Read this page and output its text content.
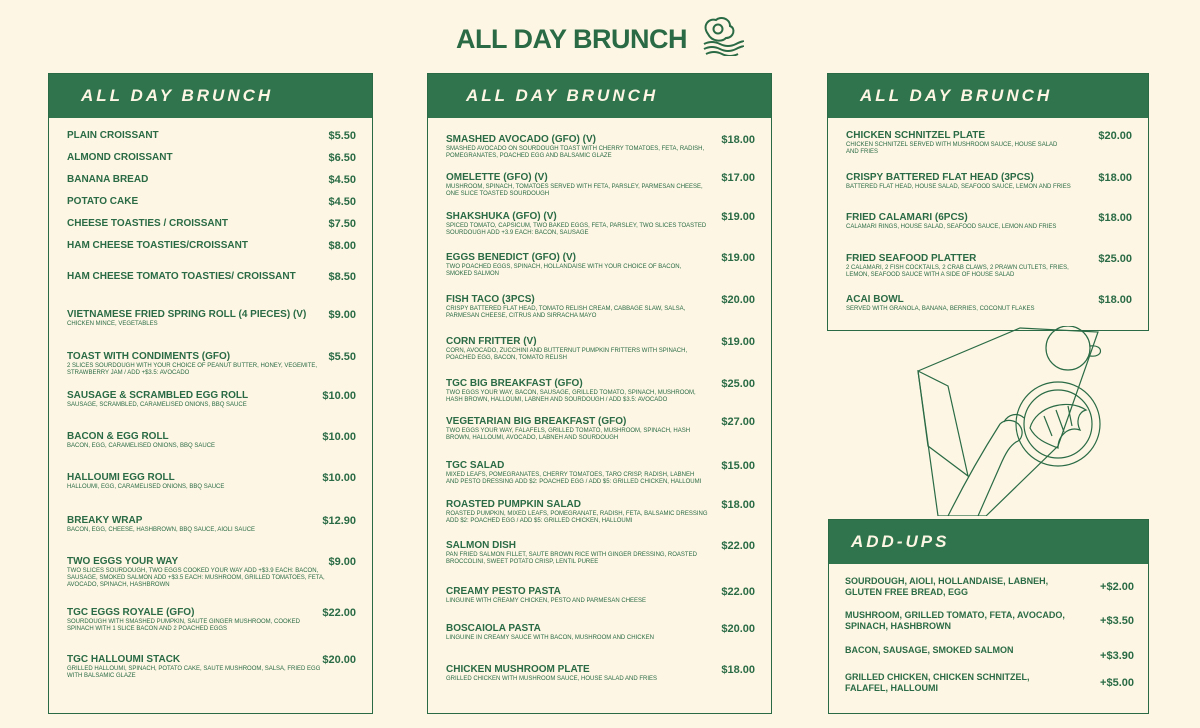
ALL DAY BRUNCH
ALL DAY BRUNCH
PLAIN CROISSANT	$5.50
ALMOND CROISSANT	$6.50
BANANA BREAD	$4.50
POTATO CAKE	$4.50
CHEESE TOASTIES / CROISSANT	$7.50
HAM CHEESE TOASTIES/CROISSANT	$8.00
HAM CHEESE TOMATO TOASTIES/ CROISSANT	$8.50
VIETNAMESE FRIED SPRING ROLL (4 PIECES) (V) $9.00
CHICKEN MINCE, VEGETABLES
TOAST WITH CONDIMENTS (GFO)	$5.50
2 SLICES SOURDOUGH WITH YOUR CHOICE OF PEANUT BUTTER, HONEY, VEGEMITE, STRAWBERRY JAM / ADD +$3.5: AVOCADO
SAUSAGE & SCRAMBLED EGG ROLL	$10.00
SAUSAGE, SCRAMBLED, CARAMELISED ONIONS, BBQ SAUCE
BACON & EGG ROLL	$10.00
BACON, EGG, CARAMELISED ONIONS, BBQ SAUCE
HALLOUMI EGG ROLL	$10.00
HALLOUMI, EGG, CARAMELISED ONIONS, BBQ SAUCE
BREAKY WRAP	$12.90
BACON, EGG, CHEESE, HASHBROWN, BBQ SAUCE, AIOLI SAUCE
TWO EGGS YOUR WAY	$9.00
TWO SLICES SOURDOUGH, TWO EGGS COOKED YOUR WAY ADD +$3.9 EACH: BACON, SAUSAGE, SMOKED SALMON ADD +$3.5 EACH: MUSHROOM, GRILLED TOMATOES, FETA, AVOCADO, SPINACH, HASHBROWN
TGC EGGS ROYALE (GFO)	$22.00
SOURDOUGH WITH SMASHED PUMPKIN, SAUTE GINGER MUSHROOM, COOKED SPINACH WITH 1 SLICE BACON AND 2 POACHED EGGS
TGC HALLOUMI STACK	$20.00
GRILLED HALLOUMI, SPINACH, POTATO CAKE, SAUTE MUSHROOM, SALSA, FRIED EGG WITH BALSAMIC GLAZE
ALL DAY BRUNCH
SMASHED AVOCADO (GFO) (V)	$18.00
SMASHED AVOCADO ON SOURDOUGH TOAST WITH CHERRY TOMATOES, FETA, RADISH, POMEGRANATES, POACHED EGG AND BALSAMIC GLAZE
OMELETTE (GFO) (V)	$17.00
MUSHROOM, SPINACH, TOMATOES SERVED WITH FETA, PARSLEY, PARMESAN CHEESE, ONE SLICE TOASTED SOURDOUGH
SHAKSHUKA (GFO) (V)	$19.00
SPICED TOMATO, CAPSICUM, TWO BAKED EGGS, FETA, PARSLEY, TWO SLICES TOASTED SOURDOUGH ADD +3.9 EACH: BACON, SAUSAGE
EGGS BENEDICT (GFO) (V)	$19.00
TWO POACHED EGGS, SPINACH, HOLLANDAISE WITH YOUR CHOICE OF BACON, SMOKED SALMON
FISH TACO (3PCS)	$20.00
CRISPY BATTERED FLAT HEAD, TOMATO RELISH CREAM, CABBAGE SLAW, SALSA, PARMESAN CHEESE, CITRUS AND SIRRACHA MAYO
CORN FRITTER (V)	$19.00
CORN, AVOCADO, ZUCCHINI AND BUTTERNUT PUMPKIN FRITTERS WITH SPINACH, POACHED EGG, BACON, TOMATO RELISH
TGC BIG BREAKFAST (GFO)	$25.00
TWO EGGS YOUR WAY, BACON, SAUSAGE, GRILLED TOMATO, SPINACH, MUSHROOM, HASH BROWN, HALLOUMI, LABNEH AND SOURDOUGH / ADD $3.5: AVOCADO
VEGETARIAN BIG BREAKFAST (GFO)	$27.00
TWO EGGS YOUR WAY, FALAFELS, GRILLED TOMATO, MUSHROOM, SPINACH, HASH BROWN, HALLOUMI, AVOCADO, LABNEH AND SOURDOUGH
TGC SALAD	$15.00
MIXED LEAFS, POMEGRANATES, CHERRY TOMATOES, TARO CRISP, RADISH, LABNEH AND PESTO DRESSING ADD $2: POACHED EGG / ADD $5: GRILLED CHICKEN, HALLOUMI
ROASTED PUMPKIN SALAD	$18.00
ROASTED PUMPKIN, MIXED LEAFS, POMEGRANATE, RADISH, FETA, BALSAMIC DRESSING ADD $2: POACHED EGG / ADD $5: GRILLED CHICKEN, HALLOUMI
SALMON DISH	$22.00
PAN FRIED SALMON FILLET, SAUTE BROWN RICE WITH GINGER DRESSING, ROASTED BROCCOLINI, SWEET POTATO CRISP, LENTIL PUREE
CREAMY PESTO PASTA	$22.00
LINGUINE WITH CREAMY CHICKEN, PESTO AND PARMESAN CHEESE
BOSCAIOLA PASTA	$20.00
LINGUINE IN CREAMY SAUCE WITH BACON, MUSHROOM AND CHICKEN
CHICKEN MUSHROOM PLATE	$18.00
GRILLED CHICKEN WITH MUSHROOM SAUCE, HOUSE SALAD AND FRIES
ALL DAY BRUNCH
CHICKEN SCHNITZEL PLATE	$20.00
CHICKEN SCHNITZEL SERVED WITH MUSHROOM SAUCE, HOUSE SALAD AND FRIES
CRISPY BATTERED FLAT HEAD (3PCS)	$18.00
BATTERED FLAT HEAD, HOUSE SALAD, SEAFOOD SAUCE, LEMON AND FRIES
FRIED CALAMARI (6PCS)	$18.00
CALAMARI RINGS, HOUSE SALAD, SEAFOOD SAUCE, LEMON AND FRIES
FRIED SEAFOOD PLATTER	$25.00
2 CALAMARI, 2 FISH COCKTAILS, 2 CRAB CLAWS, 2 PRAWN CUTLETS, FRIES, LEMON, SEAFOOD SAUCE WITH A SIDE OF HOUSE SALAD
ACAI BOWL	$18.00
SERVED WITH GRANOLA, BANANA, BERRIES, COCONUT FLAKES
ADD-UPS
SOURDOUGH, AIOLI, HOLLANDAISE, LABNEH, GLUTEN FREE BREAD, EGG	+$2.00
MUSHROOM, GRILLED TOMATO, FETA, AVOCADO, SPINACH, HASHBROWN	+$3.50
BACON, SAUSAGE, SMOKED SALMON	+$3.90
GRILLED CHICKEN, CHICKEN SCHNITZEL, FALAFEL, HALLOUMI	+$5.00
